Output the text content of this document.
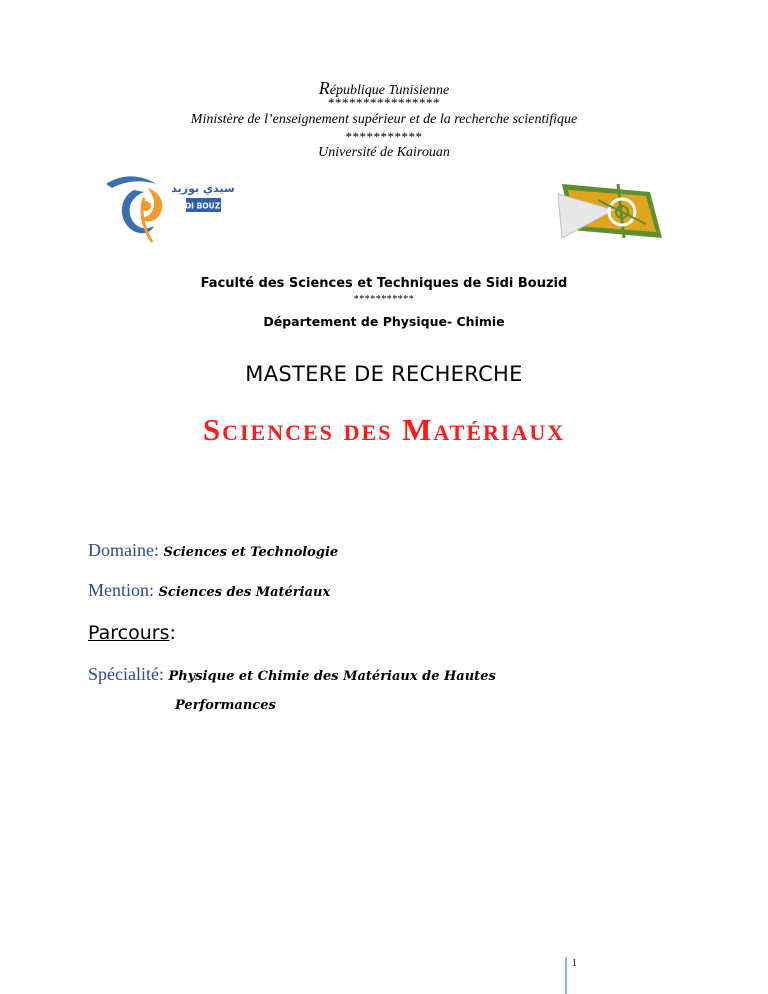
République Tunisienne
****************
Ministère de l’enseignement supérieur et de la recherche scientifique
***********
Université de Kairouan
SIDI BOUZID
سيدي بوزيد
Faculté des Sciences et Techniques de Sidi Bouzid
***********
Département de Physique- Chimie
MASTERE DE RECHERCHE
Sciences des Matériaux
Domaine: Sciences et Technologie
Mention: Sciences des Matériaux
Parcours:
Spécialité: Physique et Chimie des Matériaux de Hautes
Performances
1
